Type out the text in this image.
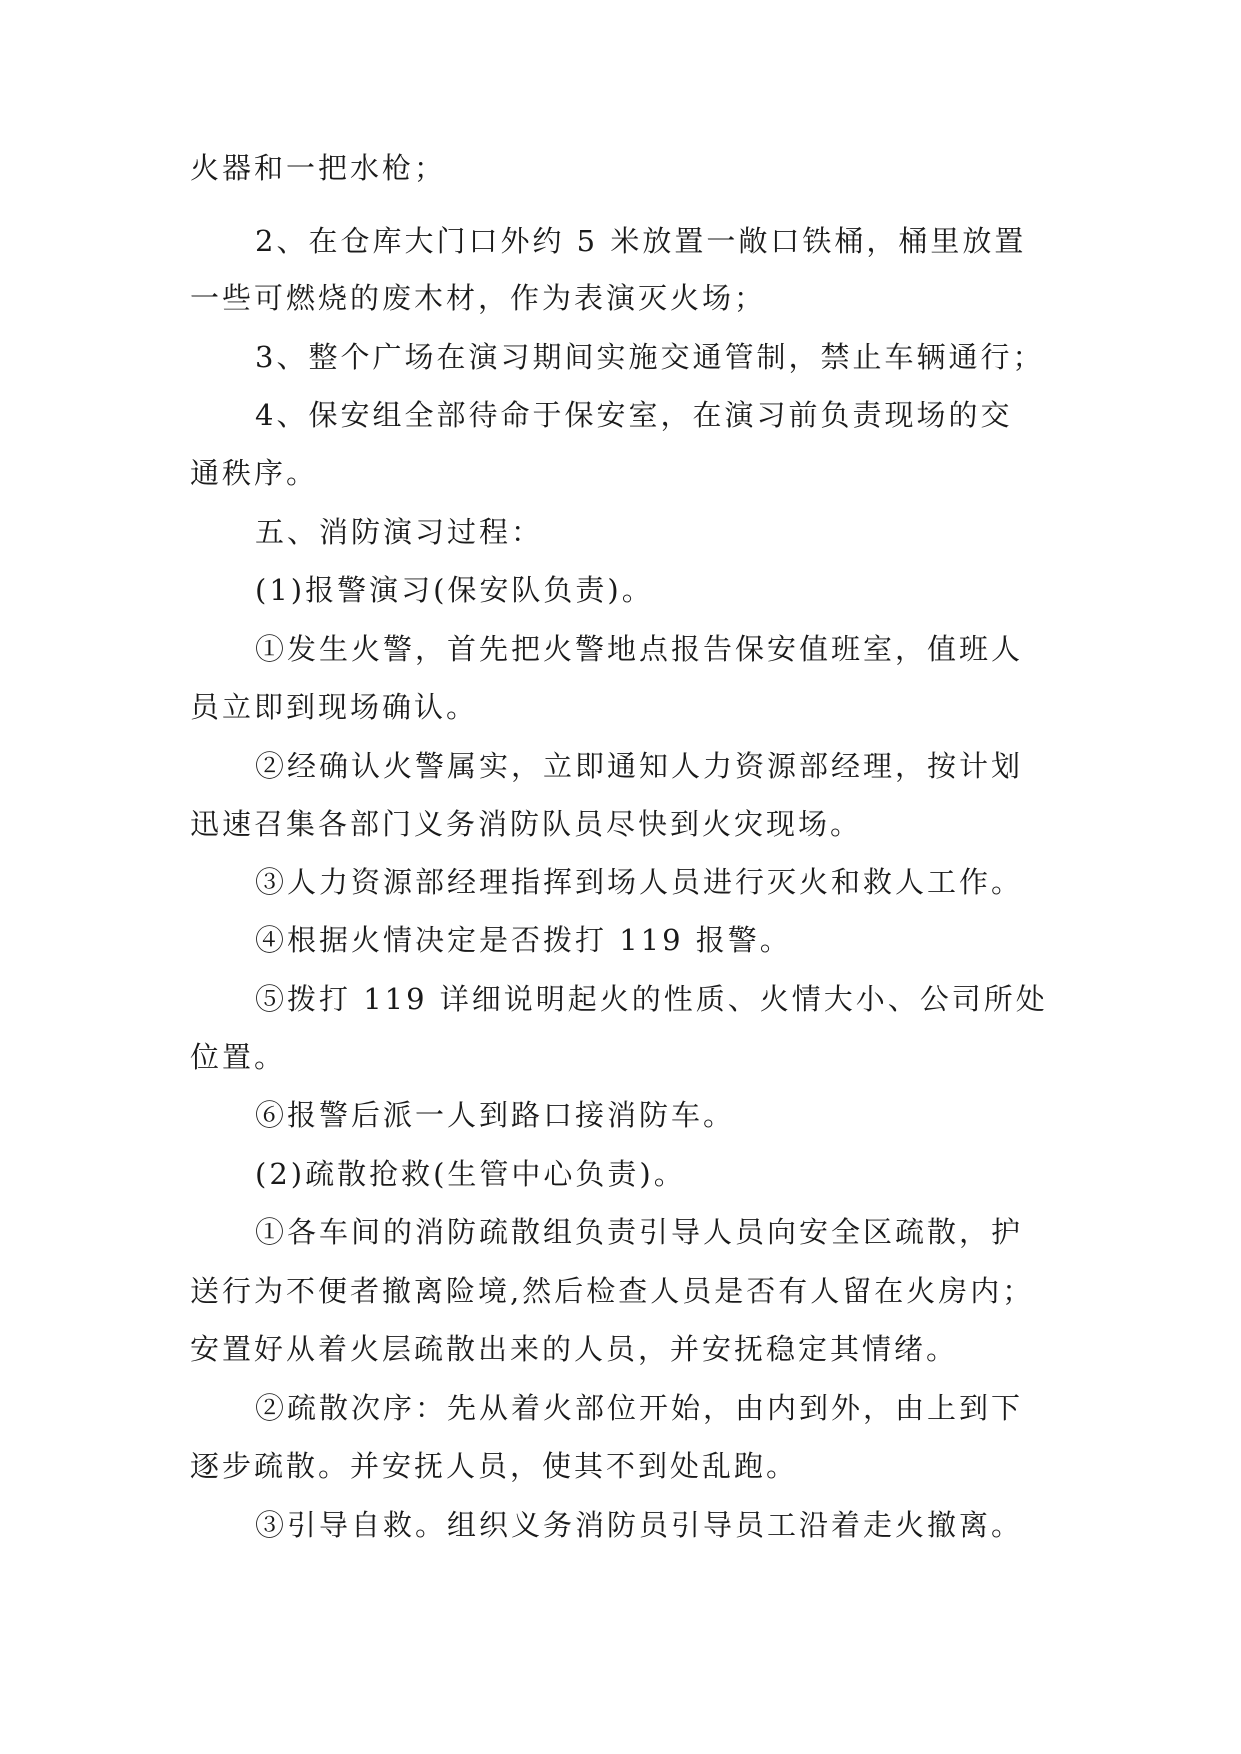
火器和一把水枪；
2、在仓库大门口外约 5 米放置一敞口铁桶，桶里放置
一些可燃烧的废木材，作为表演灭火场；
3、整个广场在演习期间实施交通管制，禁止车辆通行；
4、保安组全部待命于保安室，在演习前负责现场的交
通秩序。
五、消防演习过程：
(1)报警演习(保安队负责)。
①发生火警，首先把火警地点报告保安值班室，值班人
员立即到现场确认。
②经确认火警属实，立即通知人力资源部经理，按计划
迅速召集各部门义务消防队员尽快到火灾现场。
③人力资源部经理指挥到场人员进行灭火和救人工作。
④根据火情决定是否拨打 119 报警。
⑤拨打 119 详细说明起火的性质、火情大小、公司所处
位置。
⑥报警后派一人到路口接消防车。
(2)疏散抢救(生管中心负责)。
①各车间的消防疏散组负责引导人员向安全区疏散，护
送行为不便者撤离险境,然后检查人员是否有人留在火房内；
安置好从着火层疏散出来的人员，并安抚稳定其情绪。
②疏散次序：先从着火部位开始，由内到外，由上到下
逐步疏散。并安抚人员，使其不到处乱跑。
③引导自救。组织义务消防员引导员工沿着走火撤离。
